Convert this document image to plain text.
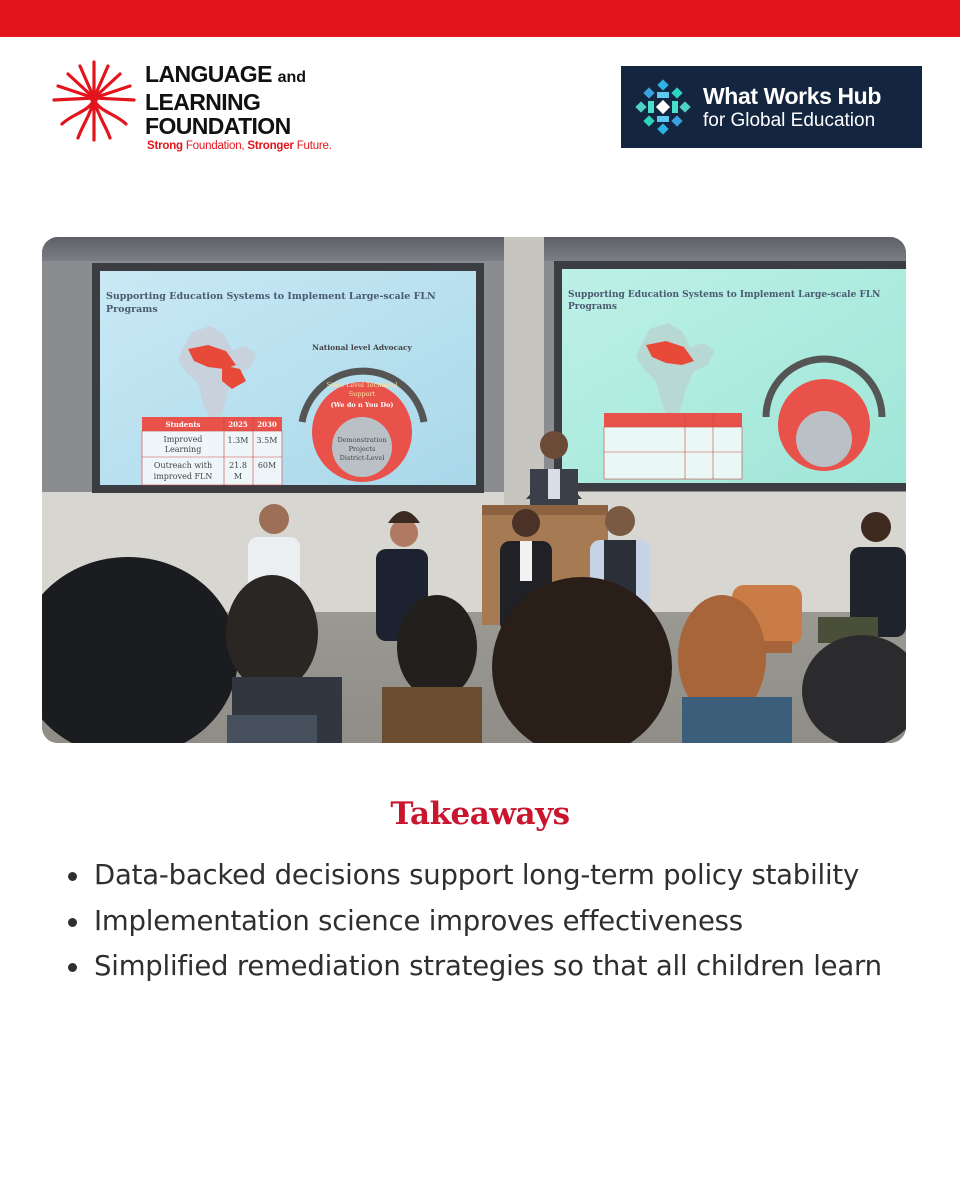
LANGUAGE and
LEARNING
FOUNDATION
Strong Foundation, Stronger Future.
What Works Hub
for Global Education
Supporting Education Systems to Implement Large-scale FLN
Programs
National level Advocacy
State Level Technical
Support
(We do n You Do)
Demonstration
Projects
District-Level
Students	2025 2030
Improved
Learning
1.3M 3.5M
Outreach with
improved FLN
21.8
M
60M
Supporting Education Systems to Implement Large-scale FLN
Programs
Takeaways
Data-backed decisions support long-term policy stability
Implementation science improves effectiveness
Simplified remediation strategies so that all children learn
